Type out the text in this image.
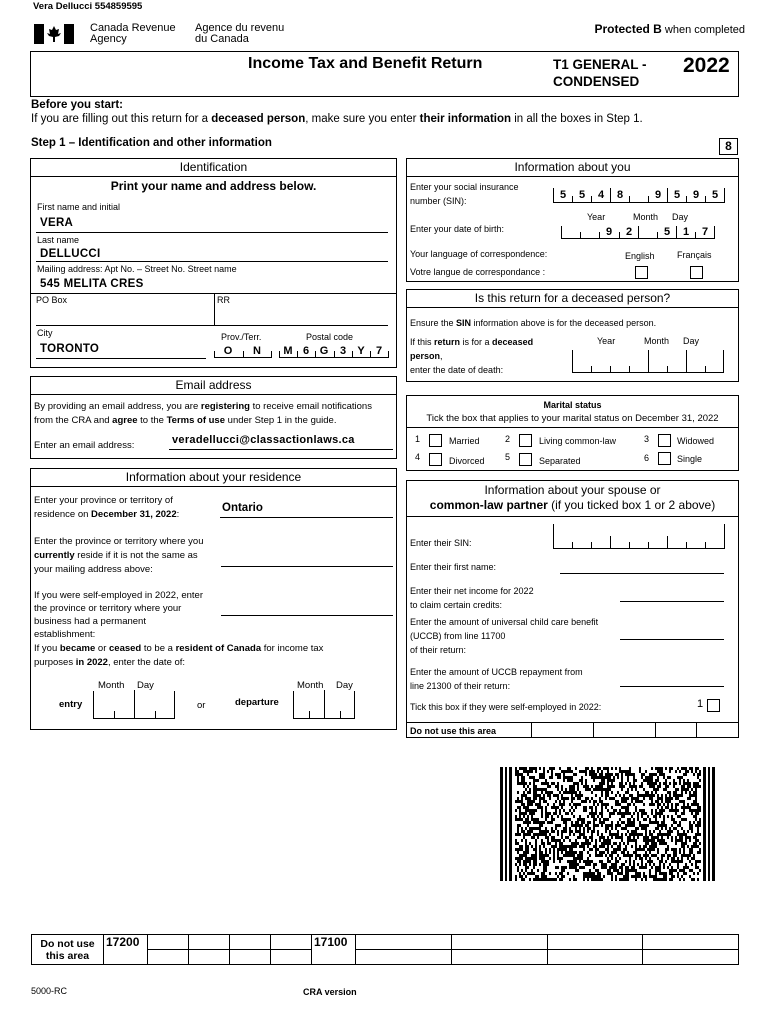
Vera Dellucci 554859595
Canada Revenue
Agency
Agence du revenu
du Canada
Protected B when completed
Income Tax and Benefit Return	T1 GENERAL -
CONDENSED
2022
Before you start:
If you are filling out this return for a deceased person, make sure you enter their information in all the boxes in Step 1.
Step 1 – Identification and other information	8
Identification
Print your name and address below.
First name and initial
VERA
Last name
DELLUCCI
Mailing address: Apt No. – Street No. Street name
545 MELITA CRES
PO Box	RR
City	Prov./Terr.	Postal code
TORONTO	O	N	M 6 G	3	Y	7
Email address
By providing an email address, you are registering to receive email notifications
from the CRA and agree to the Terms of use under Step 1 in the guide.
Enter an email address:	veradellucci@classactionlaws.ca
Information about your residence
Enter your province or territory of
residence on December 31, 2022:
Ontario
Enter the province or territory where you
currently reside if it is not the same as
your mailing address above:
If you were self-employed in 2022, enter
the province or territory where your
business had a permanent
establishment:
If you became or ceased to be a resident of Canada for income tax
purposes in 2022, enter the date of:
Month Day
entry	or
Month Day
departure
Information about you
Enter your social insurance
number (SIN):	5	5	4	8	9	5	9	5
Year	Month Day
Enter your date of birth:	9	2	5	1	7
Your language of correspondence:	English Français
Votre langue de correspondance :
Is this return for a deceased person?
Ensure the SIN information above is for the deceased person.
Year	Month Day
If this return is for a deceased
person,
enter the date of death:
Marital status
Tick the box that applies to your marital status on December 31, 2022
1	Married	2	Living common-law	3	Widowed
4	Divorced 5	Separated	6	Single
Information about your spouse or
common-law partner (if you ticked box 1 or 2 above)
Enter their SIN:
Enter their first name:
Enter their net income for 2022
to claim certain credits:
Enter the amount of universal child care benefit
(UCCB) from line 11700
of their return:
Enter the amount of UCCB repayment from
line 21300 of their return:
Tick this box if they were self-employed in 2022:	1
Do not use this area
Do not use
this area	17200					17100				

5000-RC	CRA version
